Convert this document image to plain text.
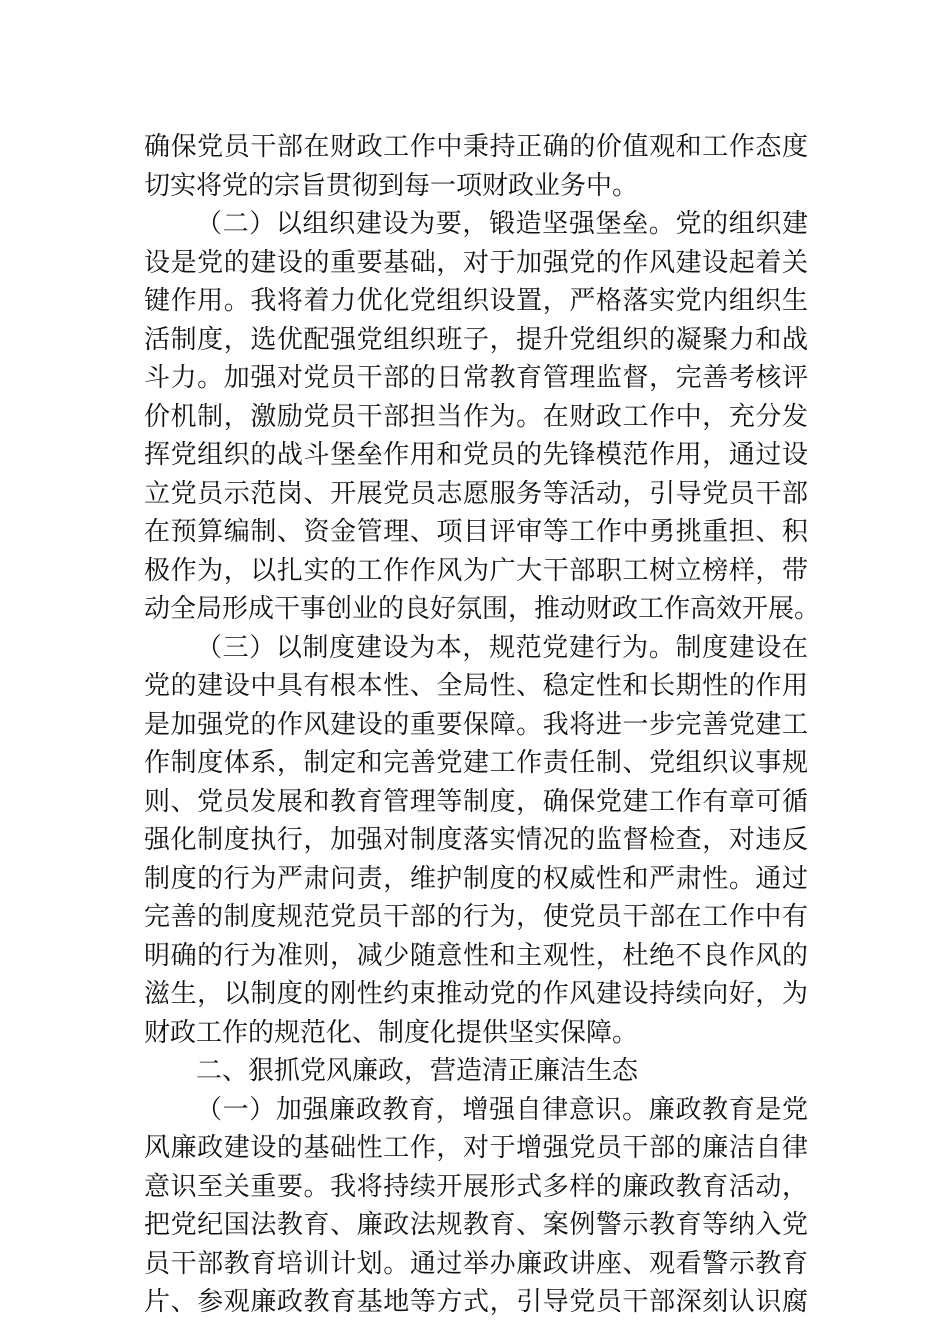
确保党员干部在财政工作中秉持正确的价值观和工作态度
切实将党的宗旨贯彻到每一项财政业务中。
（二）以组织建设为要，锻造坚强堡垒。党的组织建
设是党的建设的重要基础，对于加强党的作风建设起着关
键作用。我将着力优化党组织设置，严格落实党内组织生
活制度，选优配强党组织班子，提升党组织的凝聚力和战
斗力。加强对党员干部的日常教育管理监督，完善考核评
价机制，激励党员干部担当作为。在财政工作中，充分发
挥党组织的战斗堡垒作用和党员的先锋模范作用，通过设
立党员示范岗、开展党员志愿服务等活动，引导党员干部
在预算编制、资金管理、项目评审等工作中勇挑重担、积
极作为，以扎实的工作作风为广大干部职工树立榜样，带
动全局形成干事创业的良好氛围，推动财政工作高效开展。
（三）以制度建设为本，规范党建行为。制度建设在
党的建设中具有根本性、全局性、稳定性和长期性的作用
是加强党的作风建设的重要保障。我将进一步完善党建工
作制度体系，制定和完善党建工作责任制、党组织议事规
则、党员发展和教育管理等制度，确保党建工作有章可循
强化制度执行，加强对制度落实情况的监督检查，对违反
制度的行为严肃问责，维护制度的权威性和严肃性。通过
完善的制度规范党员干部的行为，使党员干部在工作中有
明确的行为准则，减少随意性和主观性，杜绝不良作风的
滋生，以制度的刚性约束推动党的作风建设持续向好，为
财政工作的规范化、制度化提供坚实保障。
二、狠抓党风廉政，营造清正廉洁生态
（一）加强廉政教育，增强自律意识。廉政教育是党
风廉政建设的基础性工作，对于增强党员干部的廉洁自律
意识至关重要。我将持续开展形式多样的廉政教育活动，
把党纪国法教育、廉政法规教育、案例警示教育等纳入党
员干部教育培训计划。通过举办廉政讲座、观看警示教育
片、参观廉政教育基地等方式，引导党员干部深刻认识腐
